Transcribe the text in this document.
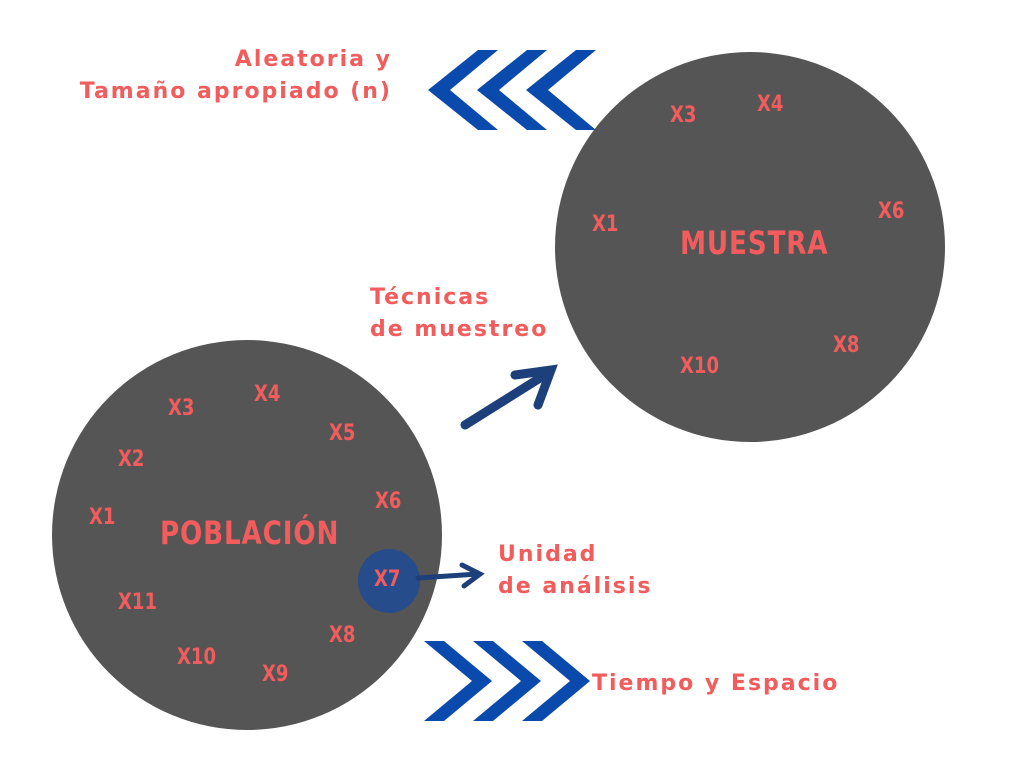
MUESTRA
X3	X4
X1
X6
X8
X10
POBLACIÓN
X3
X4
X5
X2
X6
X1
X7
X11
X8
X10
X9
Aleatoria y
Tamaño apropiado (n)
Técnicas
de muestreo
Unidad
de análisis
Tiempo y Espacio
